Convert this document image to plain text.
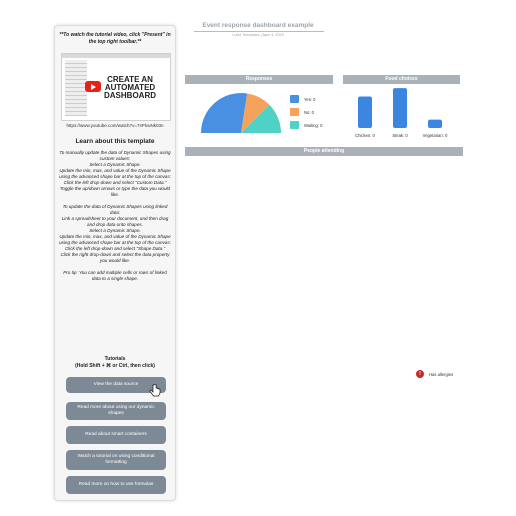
**To watch the tutorial video, click "Present" in the top right toolbar.**
CREATE AN AUTOMATED DASHBOARD
https://www.youtube.com/watch?v=7sPlvuNk03n
Learn about this template

To manually update the data of Dynamic Shapes using custom values:
Select a Dynamic Shape.
Update the min, max, and value of the Dynamic Shape using the advanced shape bar at the top of the canvas:
Click the left drop-down and select "Custom Data."
Toggle the up/down arrows or type the data you would like.

To update the data of Dynamic Shapes using linked data:
Link a spreadsheet to your document, and then drag and drop data onto shapes.
Select a Dynamic Shape.
Update the min, max, and value of the Dynamic Shape using the advanced shape bar at the top of the canvas:
Click the left drop-down and select "Shape Data."
Click the right drop-down and select the data property you would like.

Pro tip: You can add multiple cells or rows of linked data to a single shape.

Tutorials
(Hold Shift + ⌘ or Ctrl, then click)
View the data source
Read more about using our dynamic shapes
Read about smart containers
Watch a tutorial on using conditional formatting
Read more on how to use formulas
Event response dashboard example
Lucid Templates | April 4, 2023
Responses	Food choices
People attending
Yes: 0
No: 0
Waiting: 0
Chicken: 0	Steak: 0	Vegetarian: 0
!	Has allergies
